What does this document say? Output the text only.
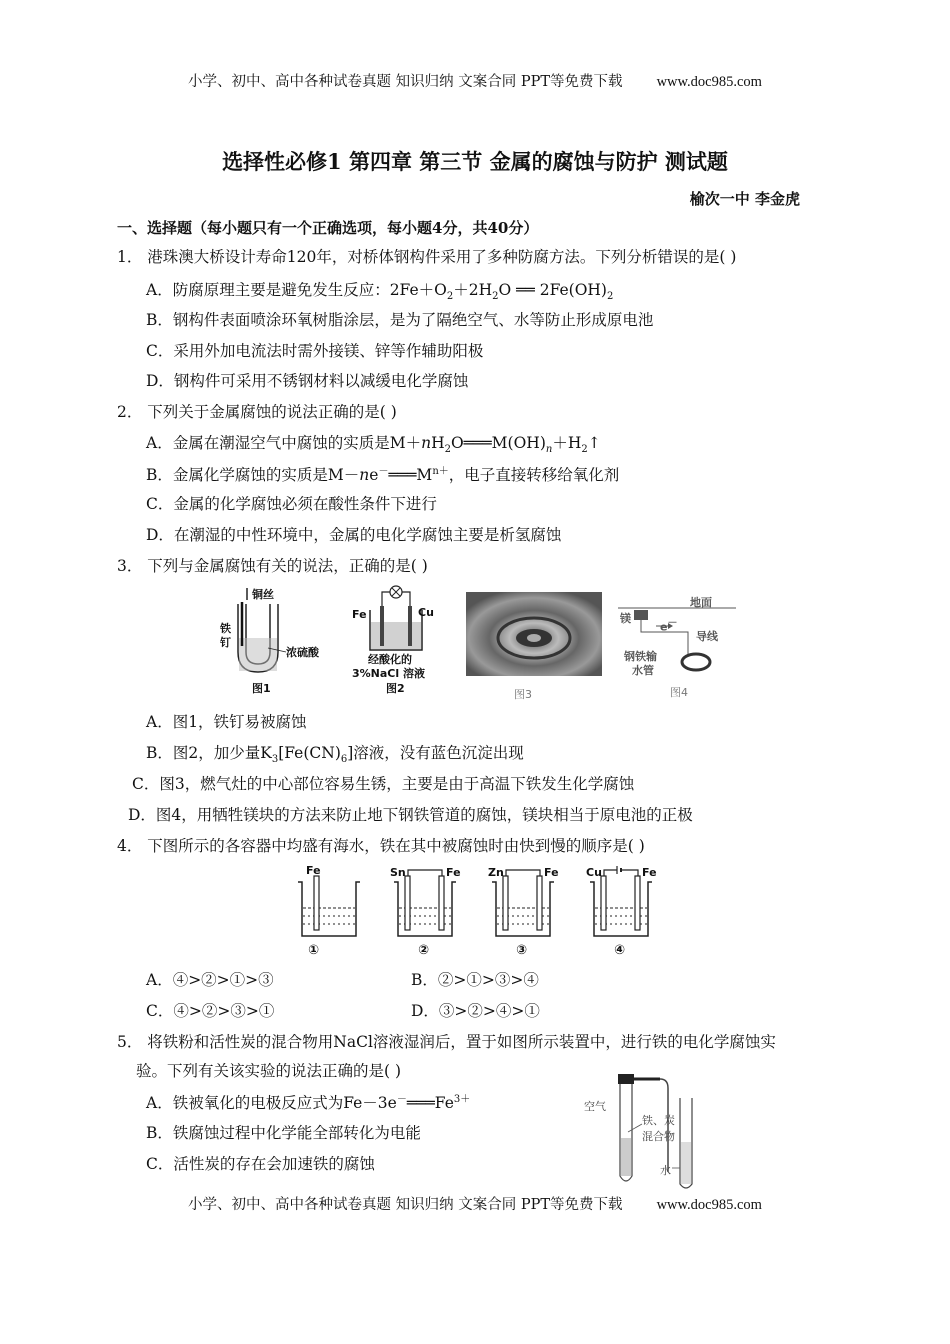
小学、初中、高中各种试卷真题 知识归纳 文案合同 PPT等免费下载 www.doc985.com
选择性必修1 第四章 第三节 金属的腐蚀与防护 测试题
榆次一中 李金虎
一、选择题（每小题只有一个正确选项，每小题4分，共40分）
1． 港珠澳大桥设计寿命120年，对桥体钢构件采用了多种防腐方法。下列分析错误的是( )
A．防腐原理主要是避免发生反应：$2Fe+O_2+2H_2O$ ══ $2Fe(OH)_2$
B．钢构件表面喷涂环氧树脂涂层，是为了隔绝空气、水等防止形成原电池
C．采用外加电流法时需外接镁、锌等作辅助阳极
D．钢构件可采用不锈钢材料以减缓电化学腐蚀
2． 下列关于金属腐蚀的说法正确的是( )
A．金属在潮湿空气中腐蚀的实质是$M+nH_2O═══M(OH)_n+H_2↑$
B．金属化学腐蚀的实质是$M-ne^-═══M^{n+}$，电子直接转移给氧化剂
C．金属的化学腐蚀必须在酸性条件下进行
D．在潮湿的中性环境中，金属的电化学腐蚀主要是析氢腐蚀
3． 下列与金属腐蚀有关的说法，正确的是( )
铜丝
铁
钉
浓硫酸
图1
Fe	Cu
经酸化的
3%NaCl 溶液
图2	图3
镁
e－
地面
导线
钢铁输
水管
图4
A．图1，铁钉易被腐蚀
B．图2，加少量$K_3[Fe(CN)_6]$溶液，没有蓝色沉淀出现
C．图3，燃气灶的中心部位容易生锈，主要是由于高温下铁发生化学腐蚀
D．图4，用牺牲镁块的方法来防止地下钢铁管道的腐蚀，镁块相当于原电池的正极
4． 下图所示的各容器中均盛有海水，铁在其中被腐蚀时由快到慢的顺序是( )
Fe
①
Sn	Fe
②
Zn	Fe
③
Cu	Fe
④
A．④>②>①>③	B．②>①>③>④
C．④>②>③>①	D．③>②>④>①
5． 将铁粉和活性炭的混合物用NaCl溶液湿润后，置于如图所示装置中，进行铁的电化学腐蚀实
验。下列有关该实验的说法正确的是( )
A．铁被氧化的电极反应式为$Fe-3e^-═══Fe^{3+}$
B．铁腐蚀过程中化学能全部转化为电能
C．活性炭的存在会加速铁的腐蚀
空气
铁、炭
混合物
水
小学、初中、高中各种试卷真题 知识归纳 文案合同 PPT等免费下载 www.doc985.com
